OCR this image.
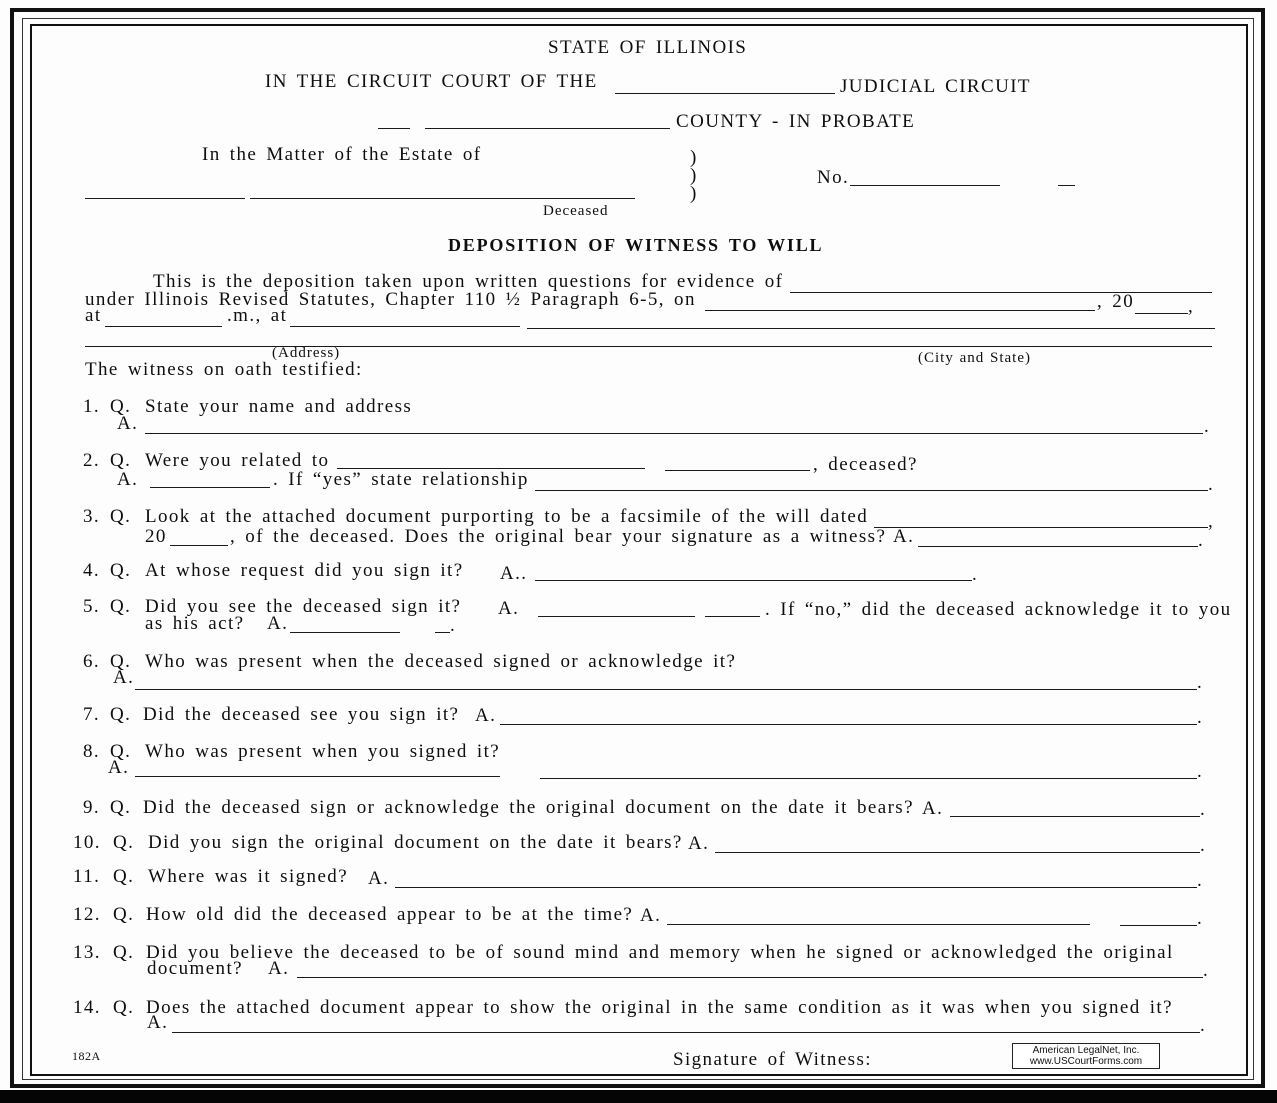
STATE OF ILLINOIS
IN THE CIRCUIT COURT OF THE	JUDICIAL CIRCUIT
COUNTY - IN PROBATE
In the Matter of the Estate of	)
)
)
No.
Deceased
DEPOSITION OF WITNESS TO WILL
This is the deposition taken upon written questions for evidence of
under Illinois Revised Statutes, Chapter 110 ½ Paragraph 6-5, on	, 20	,
at	.m., at
(Address)	(City and State)
The witness on oath testified:
1. Q. State your name and address
A.	.
2. Q. Were you related to	, deceased?
A.	. If “yes” state relationship	.
3. Q. Look at the attached document purporting to be a facsimile of the will dated	,
20	, of the deceased. Does the original bear your signature as a witness? A.	.
4. Q. At whose request did you sign it? A..	.
5. Q. Did you see the deceased sign it? A.	. If “no,” did the deceased acknowledge it to you
as his act? A.	.
6. Q. Who was present when the deceased signed or acknowledge it?
A.	.
7. Q. Did the deceased see you sign it? A.	.
8. Q. Who was present when you signed it?
A.	.
9. Q. Did the deceased sign or acknowledge the original document on the date it bears? A.	.
10. Q. Did you sign the original document on the date it bears? A.	.
11. Q. Where was it signed? A.	.
12. Q. How old did the deceased appear to be at the time? A.	.
13. Q. Did you believe the deceased to be of sound mind and memory when he signed or acknowledged the original
document? A.	.
14. Q. Does the attached document appear to show the original in the same condition as it was when you signed it?
A.	.
182A	Signature of Witness:	American LegalNet, Inc.
www.USCourtForms.com
